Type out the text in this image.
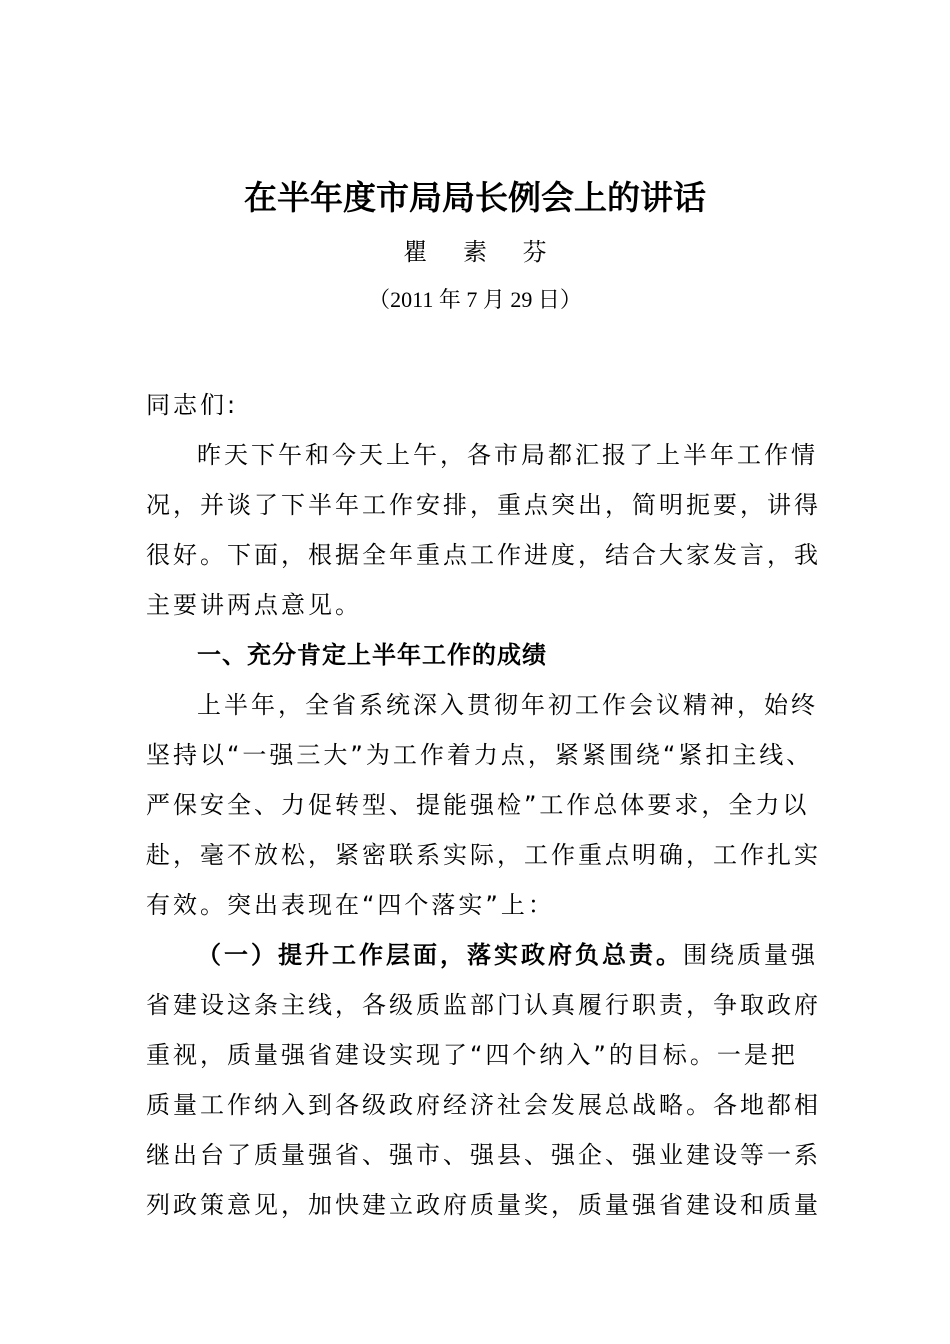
在半年度市局局长例会上的讲话
瞿 素 芬
（2011 年 7 月 29 日）
同志们:
昨天下午和今天上午，各市局都汇报了上半年工作情
况，并谈了下半年工作安排，重点突出，简明扼要，讲得
很好。下面，根据全年重点工作进度，结合大家发言，我
主要讲两点意见。
一、充分肯定上半年工作的成绩
上半年，全省系统深入贯彻年初工作会议精神，始终
坚持以“一强三大”为工作着力点，紧紧围绕“紧扣主线、
严保安全、力促转型、提能强检”工作总体要求，全力以
赴，毫不放松，紧密联系实际，工作重点明确，工作扎实
有效。突出表现在“四个落实”上：
（一）提升工作层面，落实政府负总责。围绕质量强
省建设这条主线，各级质监部门认真履行职责，争取政府
重视，质量强省建设实现了“四个纳入”的目标。一是把
质量工作纳入到各级政府经济社会发展总战略。各地都相
继出台了质量强省、强市、强县、强企、强业建设等一系
列政策意见，加快建立政府质量奖，质量强省建设和质量
